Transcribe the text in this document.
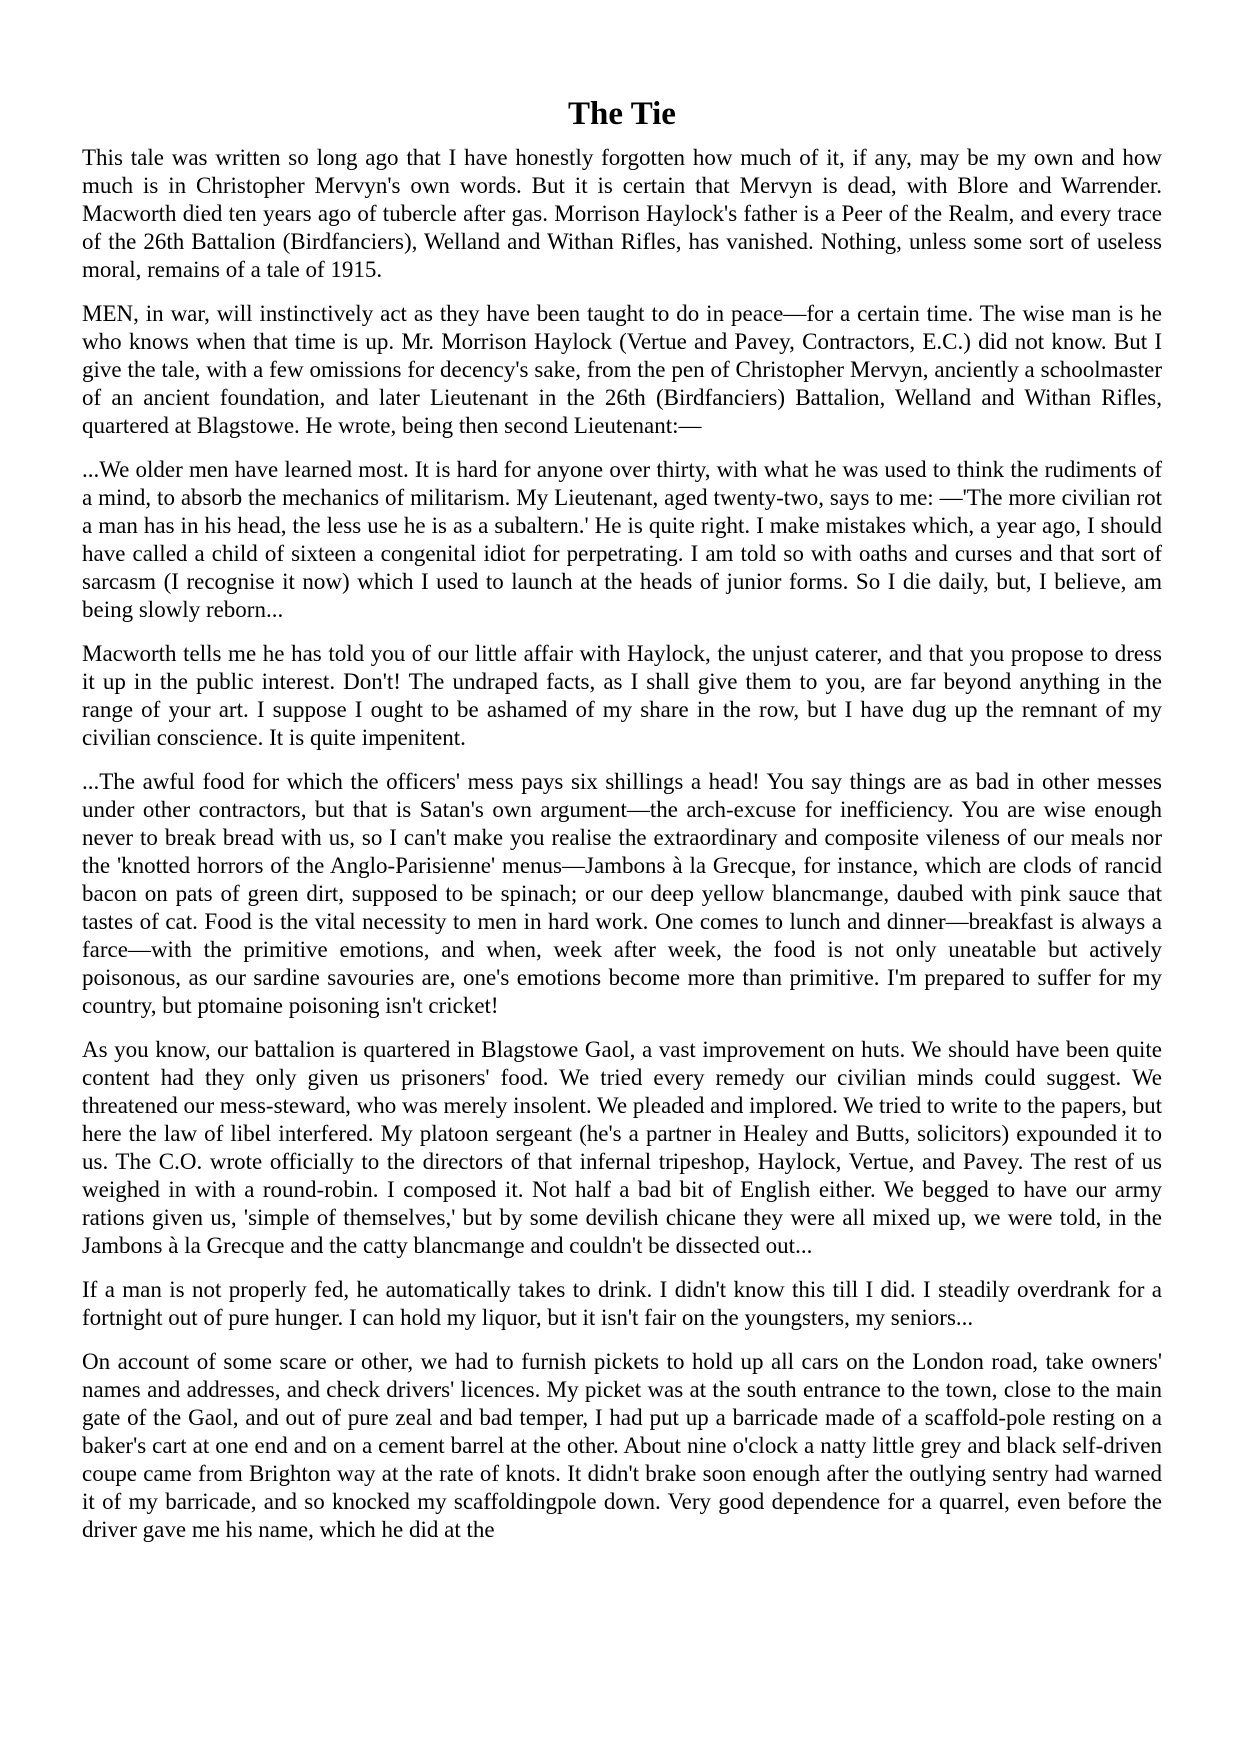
The Tie

This tale was written so long ago that I have honestly forgotten how much of it, if any, may be my own and how much is in Christopher Mervyn's own words. But it is certain that Mervyn is dead, with Blore and Warrender. Macworth died ten years ago of tubercle after gas. Morrison Haylock's father is a Peer of the Realm, and every trace of the 26th Battalion (Birdfanciers), Welland and Withan Rifles, has vanished. Nothing, unless some sort of useless moral, remains of a tale of 1915.

MEN, in war, will instinctively act as they have been taught to do in peace—for a certain time. The wise man is he who knows when that time is up. Mr. Morrison Haylock (Vertue and Pavey, Contractors, E.C.) did not know. But I give the tale, with a few omissions for decency's sake, from the pen of Christopher Mervyn, anciently a schoolmaster of an ancient foundation, and later Lieutenant in the 26th (Birdfanciers) Battalion, Welland and Withan Rifles, quartered at Blagstowe. He wrote, being then second Lieutenant:—

...We older men have learned most. It is hard for anyone over thirty, with what he was used to think the rudiments of a mind, to absorb the mechanics of militarism. My Lieutenant, aged twenty-two, says to me: —'The more civilian rot a man has in his head, the less use he is as a subaltern.' He is quite right. I make mistakes which, a year ago, I should have called a child of sixteen a congenital idiot for perpetrating. I am told so with oaths and curses and that sort of sarcasm (I recognise it now) which I used to launch at the heads of junior forms. So I die daily, but, I believe, am being slowly reborn...

Macworth tells me he has told you of our little affair with Haylock, the unjust caterer, and that you propose to dress it up in the public interest. Don't! The undraped facts, as I shall give them to you, are far beyond anything in the range of your art. I suppose I ought to be ashamed of my share in the row, but I have dug up the remnant of my civilian conscience. It is quite impenitent.

...The awful food for which the officers' mess pays six shillings a head! You say things are as bad in other messes under other contractors, but that is Satan's own argument—the arch-excuse for inefficiency. You are wise enough never to break bread with us, so I can't make you realise the extraordinary and composite vileness of our meals nor the 'knotted horrors of the Anglo-Parisienne' menus—Jambons à la Grecque, for instance, which are clods of rancid bacon on pats of green dirt, supposed to be spinach; or our deep yellow blancmange, daubed with pink sauce that tastes of cat. Food is the vital necessity to men in hard work. One comes to lunch and dinner—breakfast is always a farce—with the primitive emotions, and when, week after week, the food is not only uneatable but actively poisonous, as our sardine savouries are, one's emotions become more than primitive. I'm prepared to suffer for my country, but ptomaine poisoning isn't cricket!

As you know, our battalion is quartered in Blagstowe Gaol, a vast improvement on huts. We should have been quite content had they only given us prisoners' food. We tried every remedy our civilian minds could suggest. We threatened our mess-steward, who was merely insolent. We pleaded and implored. We tried to write to the papers, but here the law of libel interfered. My platoon sergeant (he's a partner in Healey and Butts, solicitors) expounded it to us. The C.O. wrote officially to the directors of that infernal tripeshop, Haylock, Vertue, and Pavey. The rest of us weighed in with a round-robin. I composed it. Not half a bad bit of English either. We begged to have our army rations given us, 'simple of themselves,' but by some devilish chicane they were all mixed up, we were told, in the Jambons à la Grecque and the catty blancmange and couldn't be dissected out...

If a man is not properly fed, he automatically takes to drink. I didn't know this till I did. I steadily overdrank for a fortnight out of pure hunger. I can hold my liquor, but it isn't fair on the youngsters, my seniors...

On account of some scare or other, we had to furnish pickets to hold up all cars on the London road, take owners' names and addresses, and check drivers' licences. My picket was at the south entrance to the town, close to the main gate of the Gaol, and out of pure zeal and bad temper, I had put up a barricade made of a scaffold-pole resting on a baker's cart at one end and on a cement barrel at the other. About nine o'clock a natty little grey and black self-driven coupe came from Brighton way at the rate of knots. It didn't brake soon enough after the outlying sentry had warned it of my barricade, and so knocked my scaffoldingpole down. Very good dependence for a quarrel, even before the driver gave me his name, which he did at the
